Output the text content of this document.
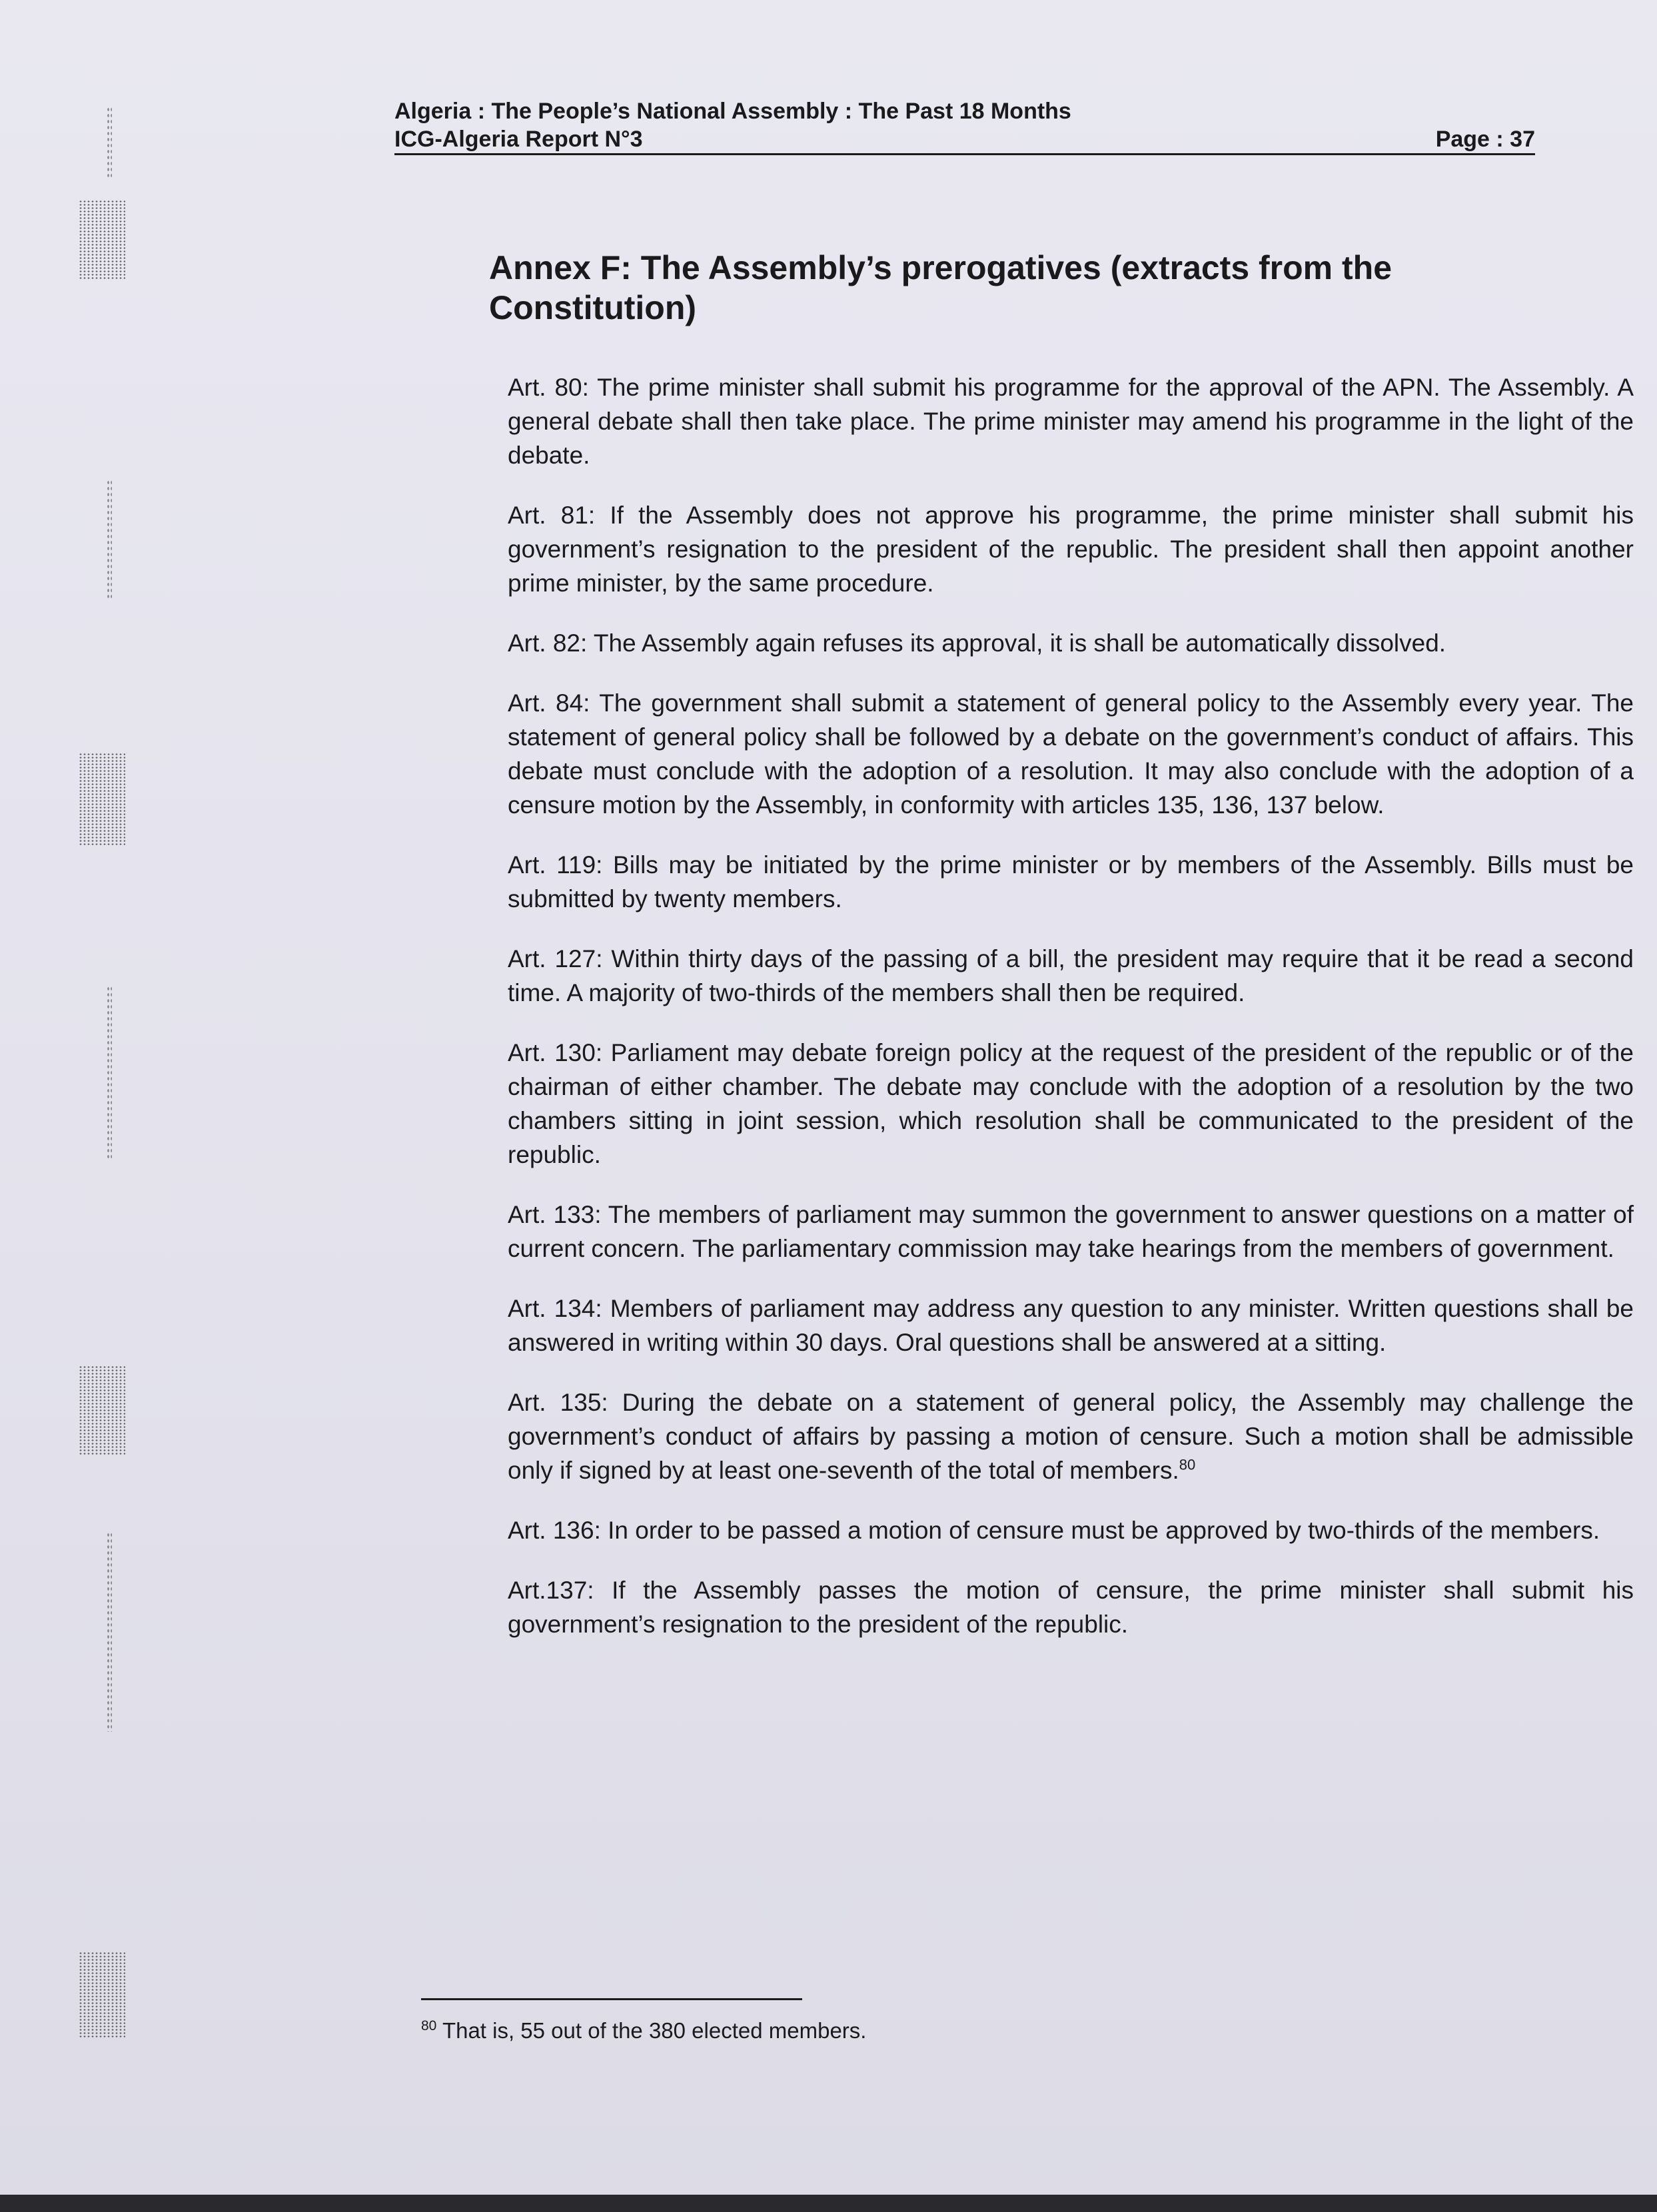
Algeria : The People’s National Assembly : The Past 18 Months
ICG-Algeria Report N°3	Page : 37
Annex F: The Assembly’s prerogatives (extracts from the Constitution)

Art. 80: The prime minister shall submit his programme for the approval of the APN. The Assembly. A general debate shall then take place. The prime minister may amend his programme in the light of the debate.

Art. 81: If the Assembly does not approve his programme, the prime minister shall submit his government’s resignation to the president of the republic. The president shall then appoint another prime minister, by the same procedure.

Art. 82: The Assembly again refuses its approval, it is shall be automatically dissolved.

Art. 84: The government shall submit a statement of general policy to the Assembly every year. The statement of general policy shall be followed by a debate on the government’s conduct of affairs. This debate must conclude with the adoption of a resolution. It may also conclude with the adoption of a censure motion by the Assembly, in conformity with articles 135, 136, 137 below.

Art. 119: Bills may be initiated by the prime minister or by members of the Assembly. Bills must be submitted by twenty members.

Art. 127: Within thirty days of the passing of a bill, the president may require that it be read a second time. A majority of two-thirds of the members shall then be required.

Art. 130: Parliament may debate foreign policy at the request of the president of the republic or of the chairman of either chamber. The debate may conclude with the adoption of a resolution by the two chambers sitting in joint session, which resolution shall be communicated to the president of the republic.

Art. 133: The members of parliament may summon the government to answer questions on a matter of current concern. The parliamentary commission may take hearings from the members of government.

Art. 134: Members of parliament may address any question to any minister. Written questions shall be answered in writing within 30 days. Oral questions shall be answered at a sitting.

Art. 135: During the debate on a statement of general policy, the Assembly may challenge the government’s conduct of affairs by passing a motion of censure. Such a motion shall be admissible only if signed by at least one-seventh of the total of members.$^{80}$

Art. 136: In order to be passed a motion of censure must be approved by two-thirds of the members.

Art.137: If the Assembly passes the motion of censure, the prime minister shall submit his government’s resignation to the president of the republic.

$^{80}$ That is, 55 out of the 380 elected members.
